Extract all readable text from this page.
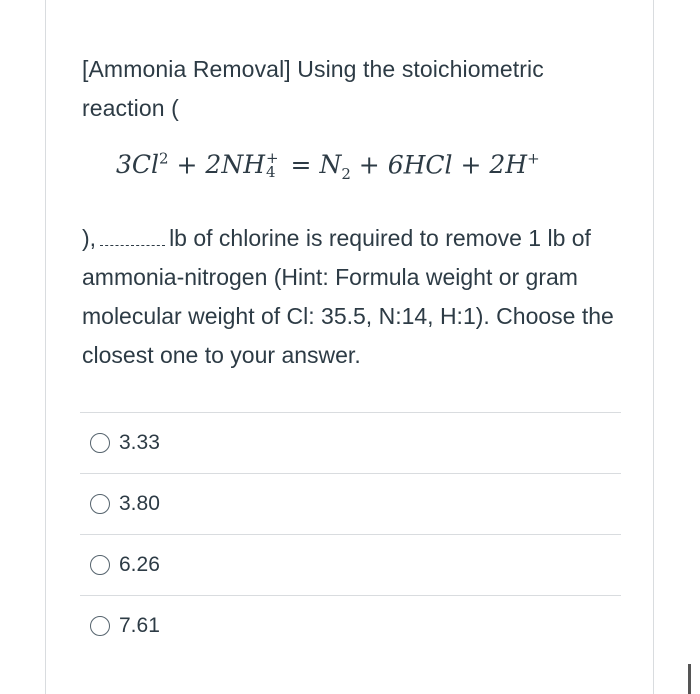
[Ammonia Removal] Using the stoichiometric reaction (
$3Cl^2 + 2NH$ +
$4 = N_2 + 6HCl + 2H^+$
),	lb of chlorine is required to remove 1 lb of ammonia-nitrogen (Hint: Formula weight or gram molecular weight of Cl: 35.5, N:14, H:1). Choose the closest one to your answer.
3.33
3.80
6.26
7.61
